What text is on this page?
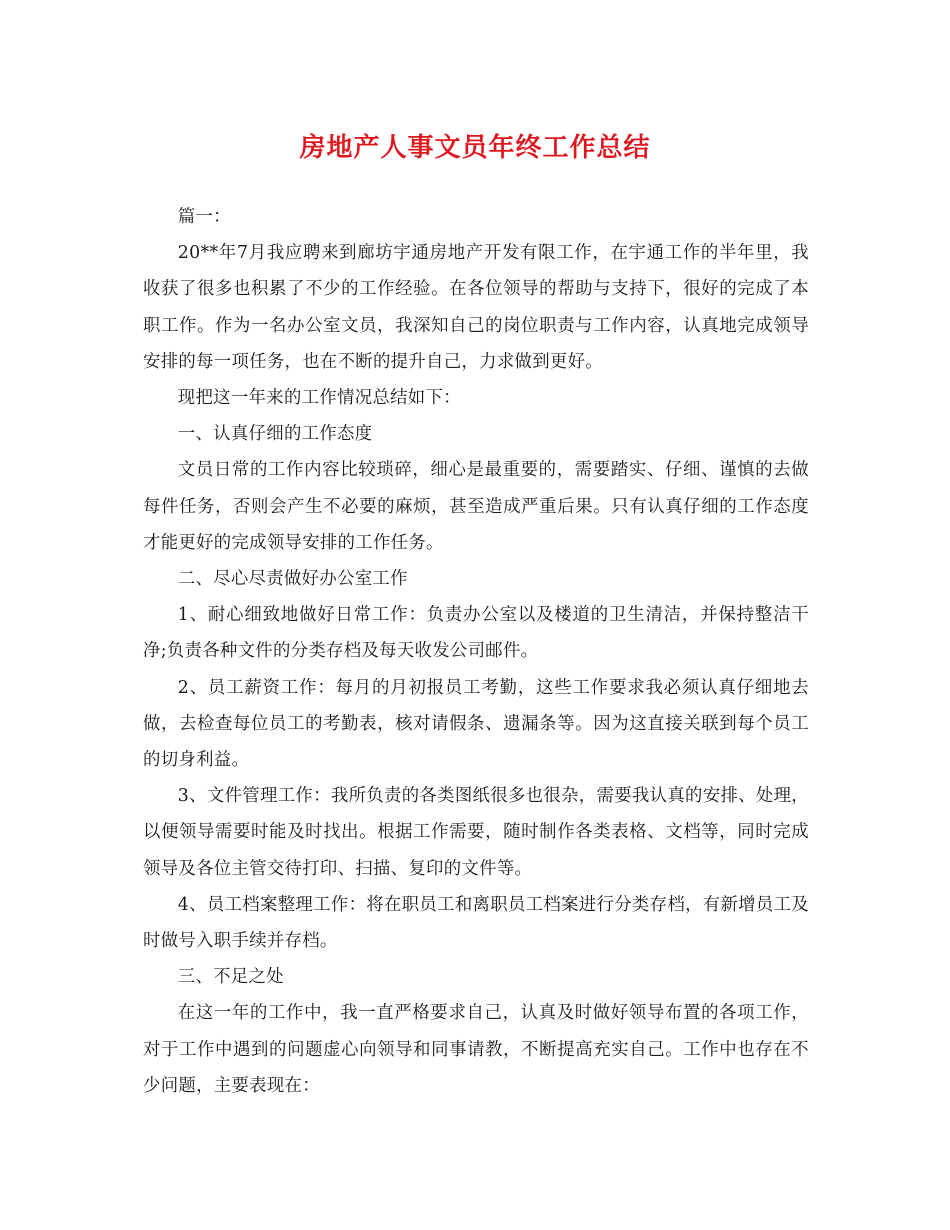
房地产人事文员年终工作总结

篇一：

20**年7月我应聘来到廊坊宇通房地产开发有限工作，在宇通工作的半年里，我收获了很多也积累了不少的工作经验。在各位领导的帮助与支持下，很好的完成了本职工作。作为一名办公室文员，我深知自己的岗位职责与工作内容，认真地完成领导安排的每一项任务，也在不断的提升自己，力求做到更好。

现把这一年来的工作情况总结如下：

一、认真仔细的工作态度

文员日常的工作内容比较琐碎，细心是最重要的，需要踏实、仔细、谨慎的去做每件任务，否则会产生不必要的麻烦，甚至造成严重后果。只有认真仔细的工作态度才能更好的完成领导安排的工作任务。

二、尽心尽责做好办公室工作

1、耐心细致地做好日常工作：负责办公室以及楼道的卫生清洁，并保持整洁干净;负责各种文件的分类存档及每天收发公司邮件。

2、员工薪资工作：每月的月初报员工考勤，这些工作要求我必须认真仔细地去做，去检查每位员工的考勤表，核对请假条、遗漏条等。因为这直接关联到每个员工的切身利益。

3、文件管理工作：我所负责的各类图纸很多也很杂，需要我认真的安排、处理，以便领导需要时能及时找出。根据工作需要，随时制作各类表格、文档等，同时完成领导及各位主管交待打印、扫描、复印的文件等。

4、员工档案整理工作：将在职员工和离职员工档案进行分类存档，有新增员工及时做号入职手续并存档。

三、不足之处

在这一年的工作中，我一直严格要求自己，认真及时做好领导布置的各项工作，对于工作中遇到的问题虚心向领导和同事请教，不断提高充实自己。工作中也存在不少问题，主要表现在：
